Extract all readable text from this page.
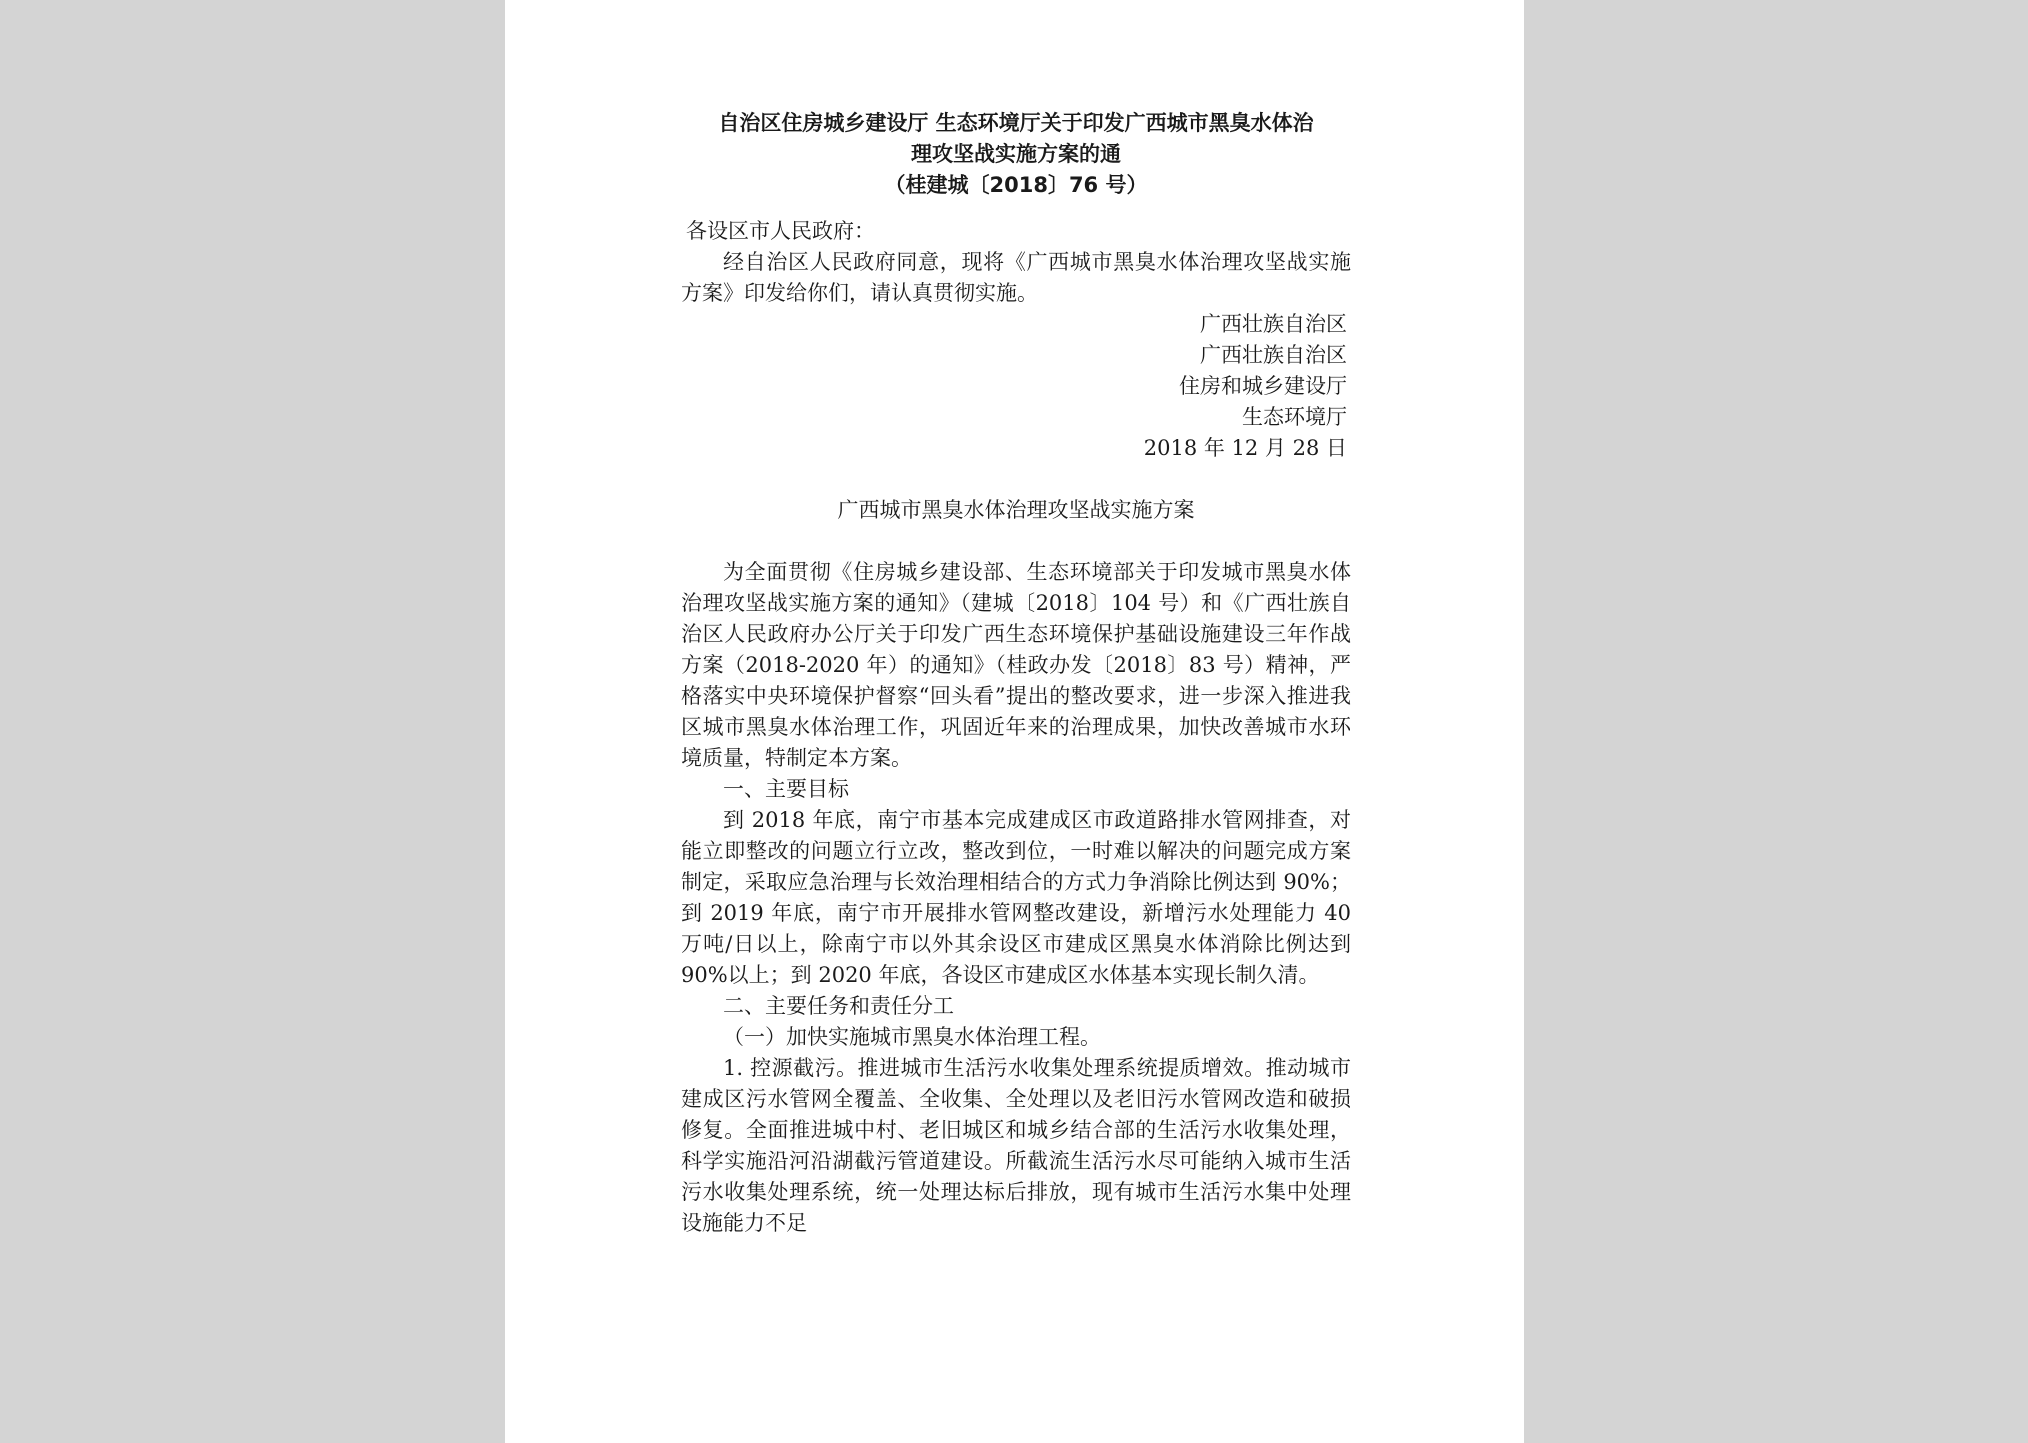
自治区住房城乡建设厅 生态环境厅关于印发广西城市黑臭水体治
理攻坚战实施方案的通
（桂建城〔2018〕76 号）
各设区市人民政府：

经自治区人民政府同意，现将《广西城市黑臭水体治理攻坚战实施方案》印发给你们，请认真贯彻实施。

广西壮族自治区
广西壮族自治区
住房和城乡建设厅
生态环境厅
2018 年 12 月 28 日
广西城市黑臭水体治理攻坚战实施方案

为全面贯彻《住房城乡建设部、生态环境部关于印发城市黑臭水体治理攻坚战实施方案的通知》（建城〔2018〕104 号）和《广西壮族自治区人民政府办公厅关于印发广西生态环境保护基础设施建设三年作战方案（2018-2020 年）的通知》（桂政办发〔2018〕83 号）精神，严格落实中央环境保护督察“回头看”提出的整改要求，进一步深入推进我区城市黑臭水体治理工作，巩固近年来的治理成果，加快改善城市水环境质量，特制定本方案。

一、主要目标

到 2018 年底，南宁市基本完成建成区市政道路排水管网排查，对能立即整改的问题立行立改，整改到位，一时难以解决的问题完成方案制定，采取应急治理与长效治理相结合的方式力争消除比例达到 90%；到 2019 年底，南宁市开展排水管网整改建设，新增污水处理能力 40 万吨/日以上，除南宁市以外其余设区市建成区黑臭水体消除比例达到 90%以上；到 2020 年底，各设区市建成区水体基本实现长制久清。

二、主要任务和责任分工
（一）加快实施城市黑臭水体治理工程。

1. 控源截污。推进城市生活污水收集处理系统提质增效。推动城市建成区污水管网全覆盖、全收集、全处理以及老旧污水管网改造和破损修复。全面推进城中村、老旧城区和城乡结合部的生活污水收集处理，科学实施沿河沿湖截污管道建设。所截流生活污水尽可能纳入城市生活污水收集处理系统，统一处理达标后排放，现有城市生活污水集中处理设施能力不足
